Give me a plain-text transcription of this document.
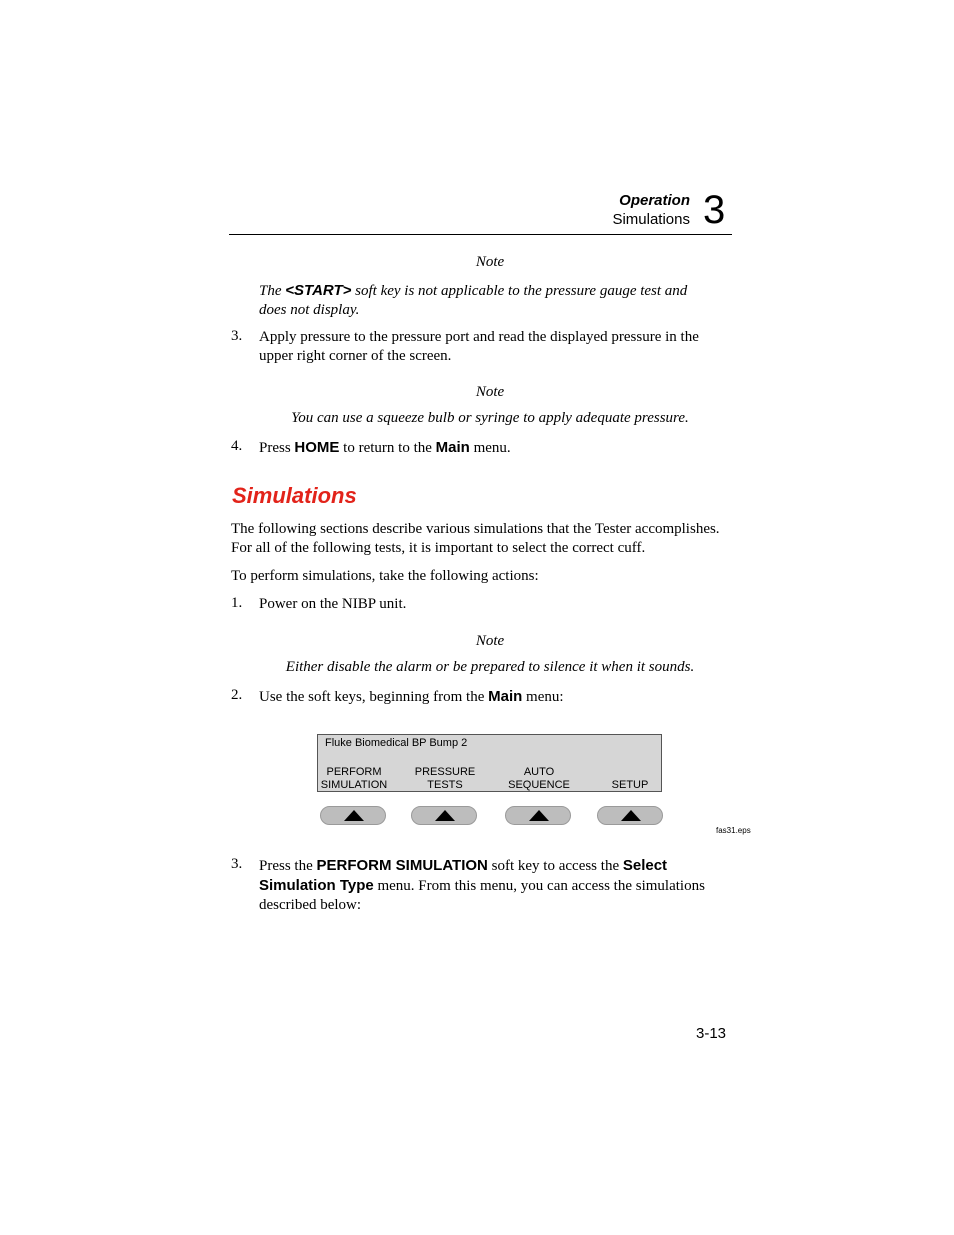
Operation
Simulations 3
Note
The <START> soft key is not applicable to the pressure gauge test and
does not display.
3. Apply pressure to the pressure port and read the displayed pressure in the
upper right corner of the screen.
Note
You can use a squeeze bulb or syringe to apply adequate pressure.
4. Press HOME to return to the Main menu.
Simulations
The following sections describe various simulations that the Tester accomplishes.
For all of the following tests, it is important to select the correct cuff.
To perform simulations, take the following actions:
1. Power on the NIBP unit.
Note
Either disable the alarm or be prepared to silence it when it sounds.
2. Use the soft keys, beginning from the Main menu:
Fluke Biomedical BP Bump 2
PERFORM
SIMULATION
PRESSURE
TESTS
AUTO
SEQUENCE
	SETUP
fas31.eps
3. Press the PERFORM SIMULATION soft key to access the Select
Simulation Type menu. From this menu, you can access the simulations
described below:
3-13
